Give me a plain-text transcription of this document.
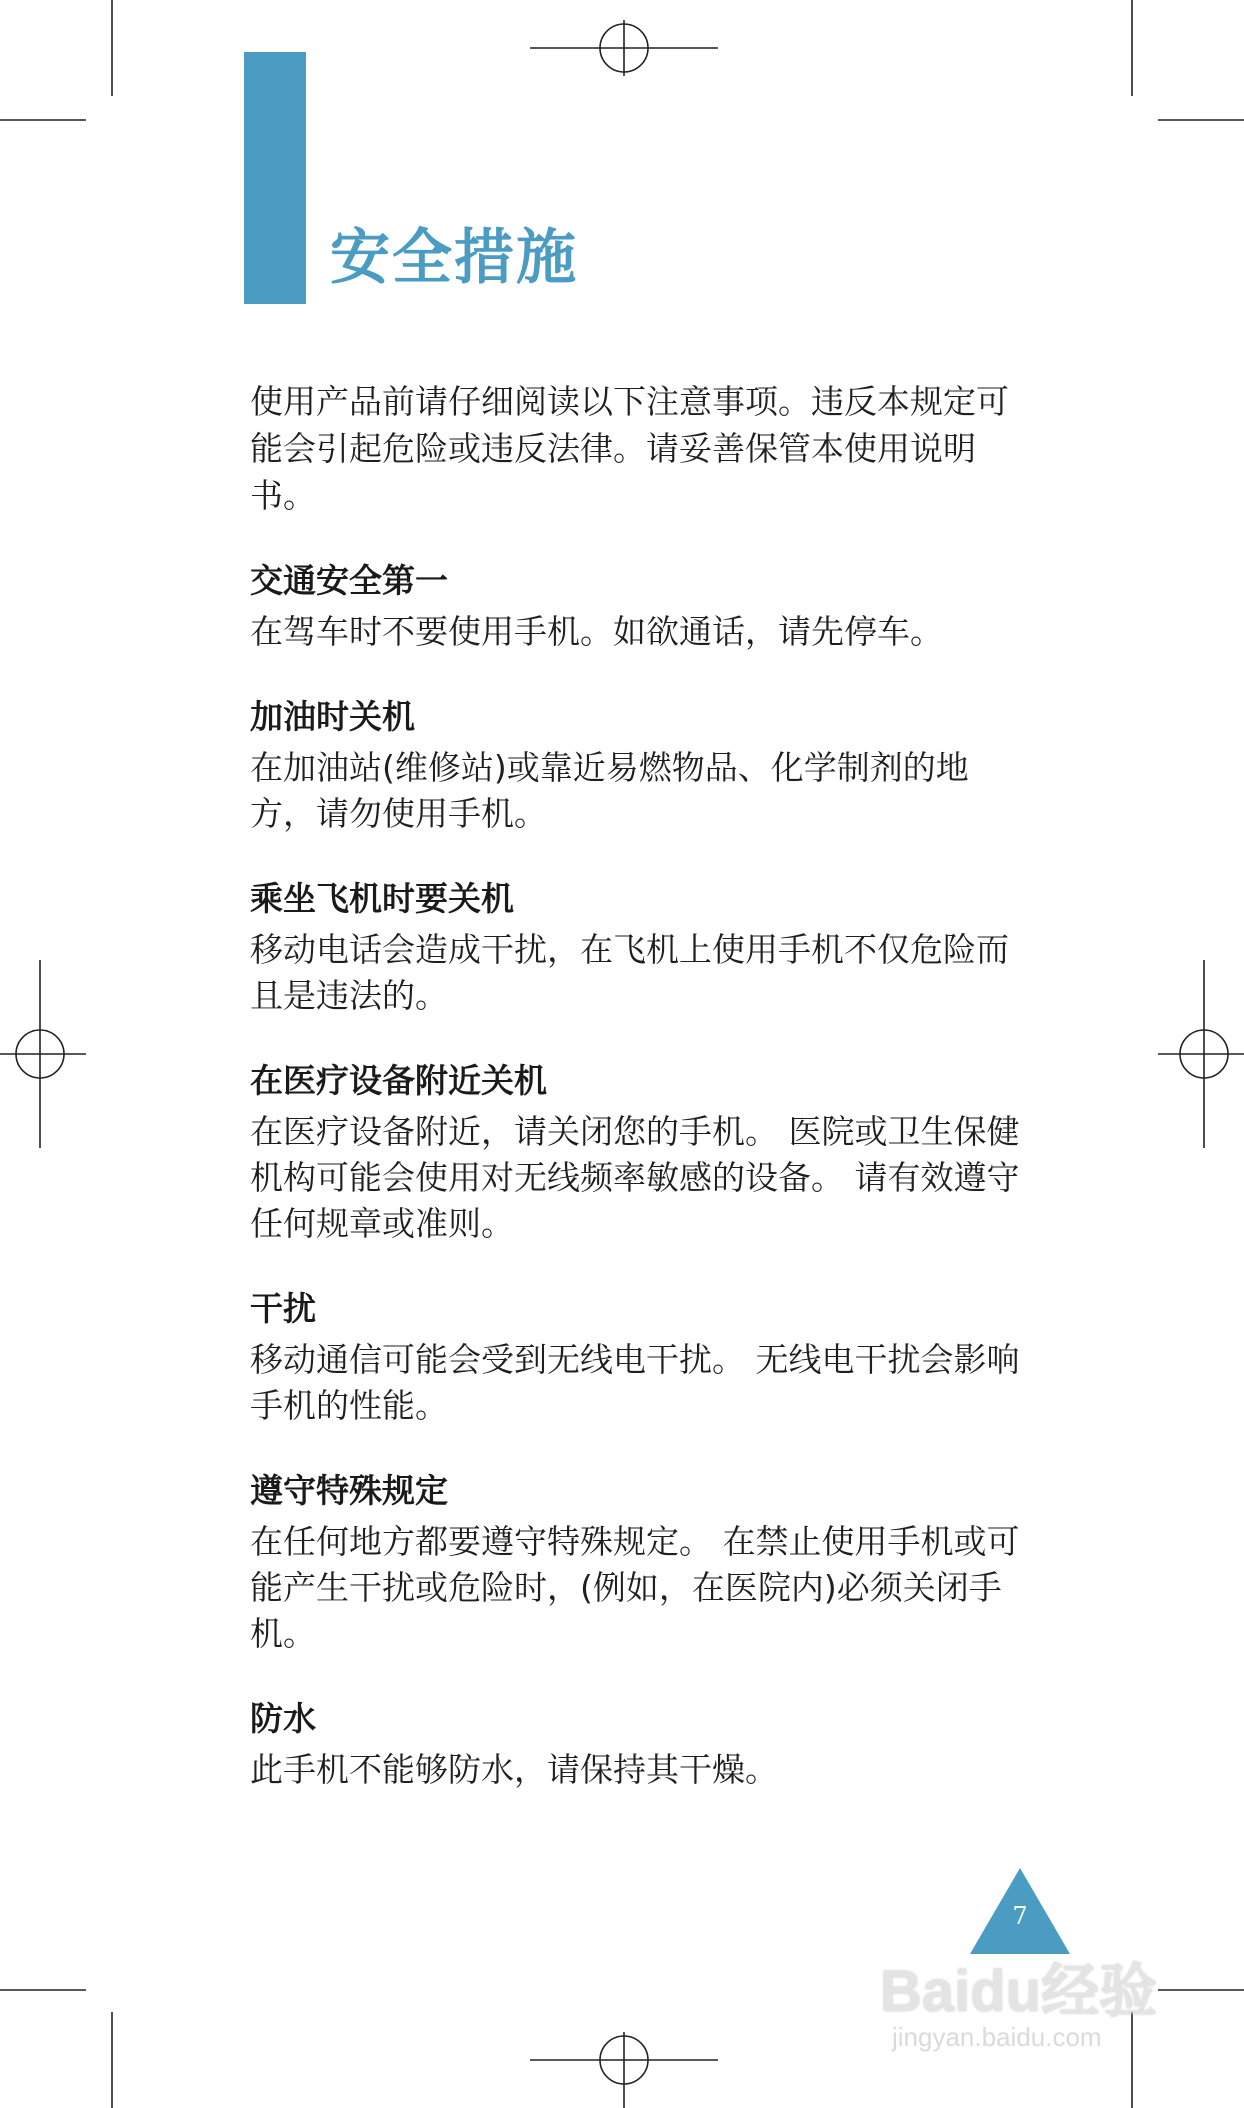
安全措施

使用产品前请仔细阅读以下注意事项。违反本规定可能会引起危险或违反法律。请妥善保管本使用说明书。

交通安全第一

在驾车时不要使用手机。如欲通话，请先停车。

加油时关机

在加油站(维修站)或靠近易燃物品、化学制剂的地方，请勿使用手机。

乘坐飞机时要关机

移动电话会造成干扰，在飞机上使用手机不仅危险而且是违法的。

在医疗设备附近关机

在医疗设备附近，请关闭您的手机。 医院或卫生保健机构可能会使用对无线频率敏感的设备。 请有效遵守任何规章或准则。

干扰

移动通信可能会受到无线电干扰。 无线电干扰会影响手机的性能。

遵守特殊规定

在任何地方都要遵守特殊规定。 在禁止使用手机或可能产生干扰或危险时，(例如，在医院内)必须关闭手机。

防水

此手机不能够防水，请保持其干燥。

7
Baidu经验
jingyan.baidu.com
